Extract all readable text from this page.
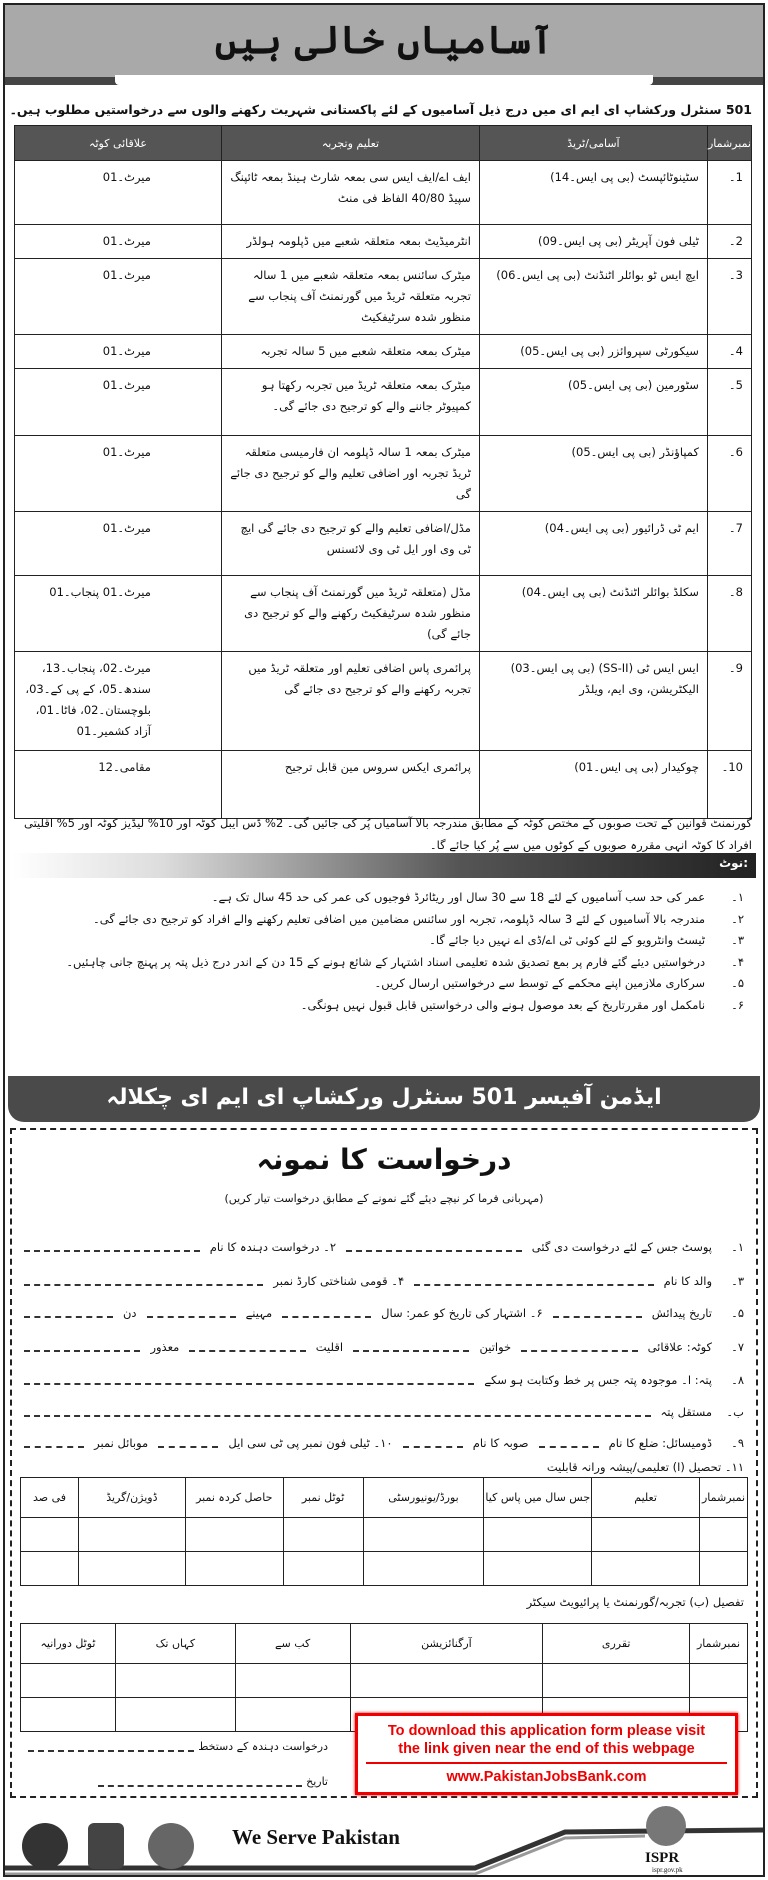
آسامیاں خالی ہیں
501 سنٹرل ورکشاپ ای ایم ای میں درج ذیل آسامیوں کے لئے پاکستانی شہریت رکھنے والوں سے درخواستیں مطلوب ہیں۔
نمبرشمار	آسامی/ٹریڈ	تعلیم وتجربہ	علاقائی کوٹہ
1۔	سٹینوٹائپسٹ (بی پی ایس۔14)	ایف اے/ایف ایس سی بمعہ شارٹ ہینڈ بمعہ ٹائپنگ سپیڈ 40/80 الفاظ فی منٹ	میرٹ۔01
2۔	ٹیلی فون آپریٹر (بی پی ایس۔09)	انٹرمیڈیٹ بمعہ متعلقہ شعبے میں ڈپلومہ ہولڈر	میرٹ۔01
3۔	ایچ ایس ٹو بوائلر اٹنڈنٹ (بی پی ایس۔06)	میٹرک سائنس بمعہ متعلقہ شعبے میں 1 سالہ تجربہ متعلقہ ٹریڈ میں گورنمنٹ آف پنجاب سے منظور شدہ سرٹیفکیٹ	میرٹ۔01
4۔	سیکورٹی سپروائزر (بی پی ایس۔05)	میٹرک بمعہ متعلقہ شعبے میں 5 سالہ تجربہ	میرٹ۔01
5۔	سٹورمین (بی پی ایس۔05)	میٹرک بمعہ متعلقہ ٹریڈ میں تجربہ رکھتا ہو کمپیوٹر جاننے والے کو ترجیح دی جائے گی۔	میرٹ۔01
6۔	کمپاؤنڈر (بی پی ایس۔05)	میٹرک بمعہ 1 سالہ ڈپلومہ ان فارمیسی متعلقہ ٹریڈ تجربہ اور اضافی تعلیم والے کو ترجیح دی جائے گی	میرٹ۔01
7۔	ایم ٹی ڈرائیور (بی پی ایس۔04)	مڈل/اضافی تعلیم والے کو ترجیح دی جائے گی ایچ ٹی وی اور ایل ٹی وی لائسنس	میرٹ۔01
8۔	سکلڈ بوائلر اٹنڈنٹ (بی پی ایس۔04)	مڈل (متعلقہ ٹریڈ میں گورنمنٹ آف پنجاب سے منظور شدہ سرٹیفکیٹ رکھنے والے کو ترجیح دی جائے گی)	میرٹ۔01 پنجاب۔01
9۔	ایس ایس ٹی (SS-II) (بی پی ایس۔03) الیکٹریشن، وی ایم، ویلڈر	پرائمری پاس اضافی تعلیم اور متعلقہ ٹریڈ میں تجربہ رکھنے والے کو ترجیح دی جائے گی	میرٹ۔02، پنجاب۔13، سندھ۔05، کے پی کے۔03، بلوچستان۔02، فاٹا۔01، آزاد کشمیر۔01
10۔	چوکیدار (بی پی ایس۔01)	پرائمری ایکس سروس مین قابل ترجیح	مقامی۔12
گورنمنٹ قوانین کے تحت صوبوں کے مختص کوٹہ کے مطابق مندرجہ بالا آسامیاں پُر کی جائیں گی۔ 2% ڈس ایبل کوٹہ اور 10% لیڈیز کوٹہ اور 5% اقلیتی افراد کا کوٹہ انہی مقررہ صوبوں کے کوٹوں میں سے پُر کیا جائے گا۔
نوٹ:
۱۔
عمر کی حد سب آسامیوں کے لئے 18 سے 30 سال اور ریٹائرڈ فوجیوں کی عمر کی حد 45 سال تک ہے۔
۲۔
مندرجہ بالا آسامیوں کے لئے 3 سالہ ڈپلومہ، تجربہ اور سائنس مضامین میں اضافی تعلیم رکھنے والے افراد کو ترجیح دی جائے گی۔
۳۔
ٹیسٹ وانٹرویو کے لئے کوئی ٹی اے/ڈی اے نہیں دیا جائے گا۔
۴۔
درخواستیں دیئے گئے فارم پر بمع تصدیق شدہ تعلیمی اسناد اشتہار کے شائع ہونے کے 15 دن کے اندر درج ذیل پتہ پر پہنچ جانی چاہئیں۔
۵۔
سرکاری ملازمین اپنے محکمے کے توسط سے درخواستیں ارسال کریں۔
۶۔
نامکمل اور مقررتاریخ کے بعد موصول ہونے والی درخواستیں قابل قبول نہیں ہونگی۔
ایڈمن آفیسر 501 سنٹرل ورکشاپ ای ایم ای چکلالہ
درخواست کا نمونہ
(مہربانی فرما کر نیچے دیئے گئے نمونے کے مطابق درخواست تیار کریں)
۱۔
پوسٹ جس کے لئے درخواست دی گئی
۲۔ درخواست دہندہ کا نام
۳۔
والد کا نام
۴۔ قومی شناختی کارڈ نمبر
۵۔
تاریخ پیدائش
۶۔ اشتہار کی تاریخ کو عمر: سال
مہینے
دن
۷۔
کوٹہ: علاقائی
خواتین
اقلیت
معذور
۸۔
پتہ: ا۔ موجودہ پتہ جس پر خط وکتابت ہو سکے
ب۔
مستقل پتہ
۹۔
ڈومیسائل: ضلع کا نام
صوبہ کا نام
۱۰۔ ٹیلی فون نمبر پی ٹی سی ایل
موبائل نمبر
۱۱۔ تحصیل (ا) تعلیمی/پیشہ ورانہ قابلیت
نمبرشمار	تعلیم	جس سال میں پاس کیا	بورڈ/یونیورسٹی	ٹوٹل نمبر	حاصل کردہ نمبر	ڈویژن/گریڈ	فی صد

تفصیل (ب) تجربہ/گورنمنٹ یا پرائیویٹ سیکٹر
نمبرشمار	تقرری	آرگنائزیشن	کب سے	کہاں تک	ٹوٹل دورانیہ

درخواست دہندہ کے دستخط
تاریخ
To download this application form please visit
the link given near the end of this webpage
www.PakistanJobsBank.com
We Serve Pakistan
ISPR
ispr.gov.pk
